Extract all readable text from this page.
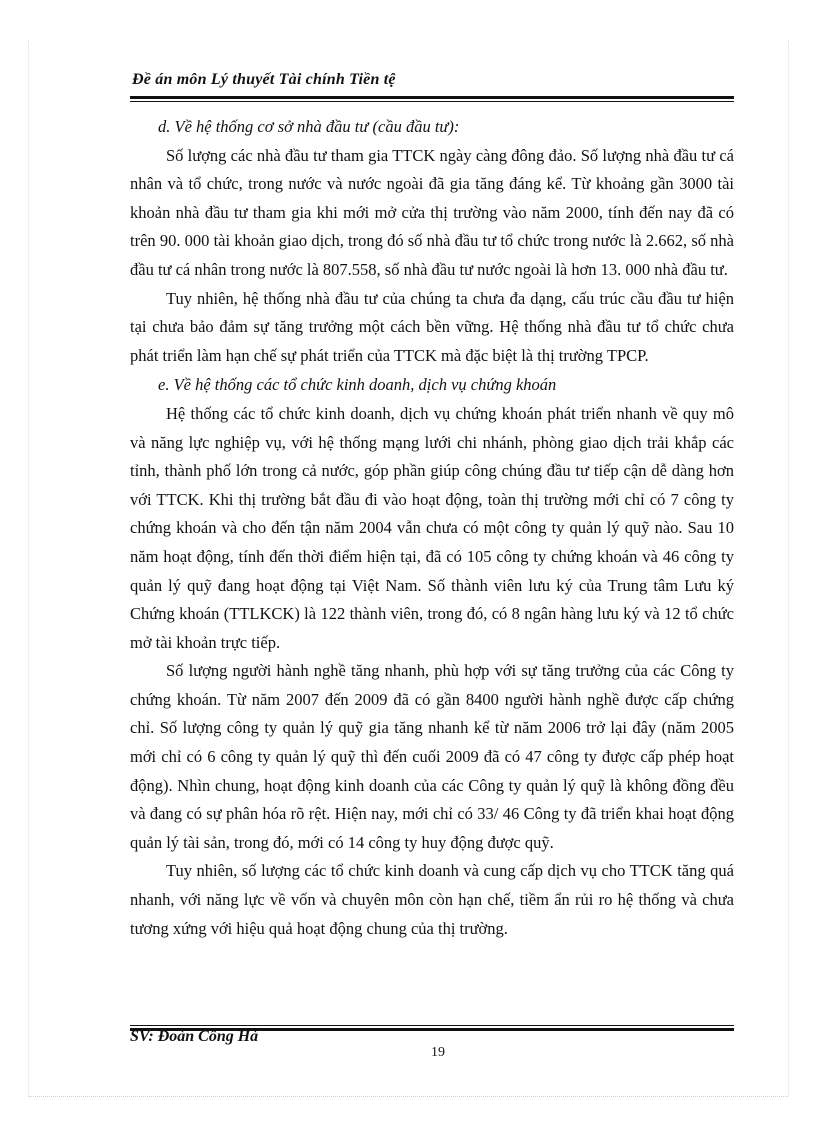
Đề án môn Lý thuyết Tài chính Tiền tệ

d. Về hệ thống cơ sở nhà đầu tư (cầu đầu tư):

Số lượng các nhà đầu tư tham gia TTCK ngày càng đông đảo. Số lượng nhà đầu tư cá nhân và tổ chức, trong nước và nước ngoài đã gia tăng đáng kể. Từ khoảng gần 3000 tài khoản nhà đầu tư tham gia khi mới mở cửa thị trường vào năm 2000, tính đến nay đã có trên 90. 000 tài khoản giao dịch, trong đó số nhà đầu tư tổ chức trong nước là 2.662, số nhà đầu tư cá nhân trong nước là 807.558, số nhà đầu tư nước ngoài là hơn 13. 000 nhà đầu tư.

Tuy nhiên, hệ thống nhà đầu tư của chúng ta chưa đa dạng, cấu trúc cầu đầu tư hiện tại chưa bảo đảm sự tăng trưởng một cách bền vững. Hệ thống nhà đầu tư tổ chức chưa phát triển làm hạn chế sự phát triển của TTCK mà đặc biệt là thị trường TPCP.

e. Về hệ thống các tổ chức kinh doanh, dịch vụ chứng khoán

Hệ thống các tổ chức kinh doanh, dịch vụ chứng khoán phát triển nhanh về quy mô và năng lực nghiệp vụ, với hệ thống mạng lưới chi nhánh, phòng giao dịch trải khắp các tỉnh, thành phố lớn trong cả nước, góp phần giúp công chúng đầu tư tiếp cận dễ dàng hơn với TTCK. Khi thị trường bắt đầu đi vào hoạt động, toàn thị trường mới chỉ có 7 công ty chứng khoán và cho đến tận năm 2004 vẫn chưa có một công ty quản lý quỹ nào. Sau 10 năm hoạt động, tính đến thời điểm hiện tại, đã có 105 công ty chứng khoán và 46 công ty quản lý quỹ đang hoạt động tại Việt Nam. Số thành viên lưu ký của Trung tâm Lưu ký Chứng khoán (TTLKCK) là 122 thành viên, trong đó, có 8 ngân hàng lưu ký và 12 tổ chức mở tài khoản trực tiếp.

Số lượng người hành nghề tăng nhanh, phù hợp với sự tăng trưởng của các Công ty chứng khoán. Từ năm 2007 đến 2009 đã có gần 8400 người hành nghề được cấp chứng chỉ. Số lượng công ty quản lý quỹ gia tăng nhanh kể từ năm 2006 trở lại đây (năm 2005 mới chỉ có 6 công ty quản lý quỹ thì đến cuối 2009 đã có 47 công ty được cấp phép hoạt động). Nhìn chung, hoạt động kinh doanh của các Công ty quản lý quỹ là không đồng đều và đang có sự phân hóa rõ rệt. Hiện nay, mới chỉ có 33/ 46 Công ty đã triển khai hoạt động quản lý tài sản, trong đó, mới có 14 công ty huy động được quỹ.

Tuy nhiên, số lượng các tổ chức kinh doanh và cung cấp dịch vụ cho TTCK tăng quá nhanh, với năng lực về vốn và chuyên môn còn hạn chế, tiềm ẩn rủi ro hệ thống và chưa tương xứng với hiệu quả hoạt động chung của thị trường.

SV: Đoàn Công Hà
19
